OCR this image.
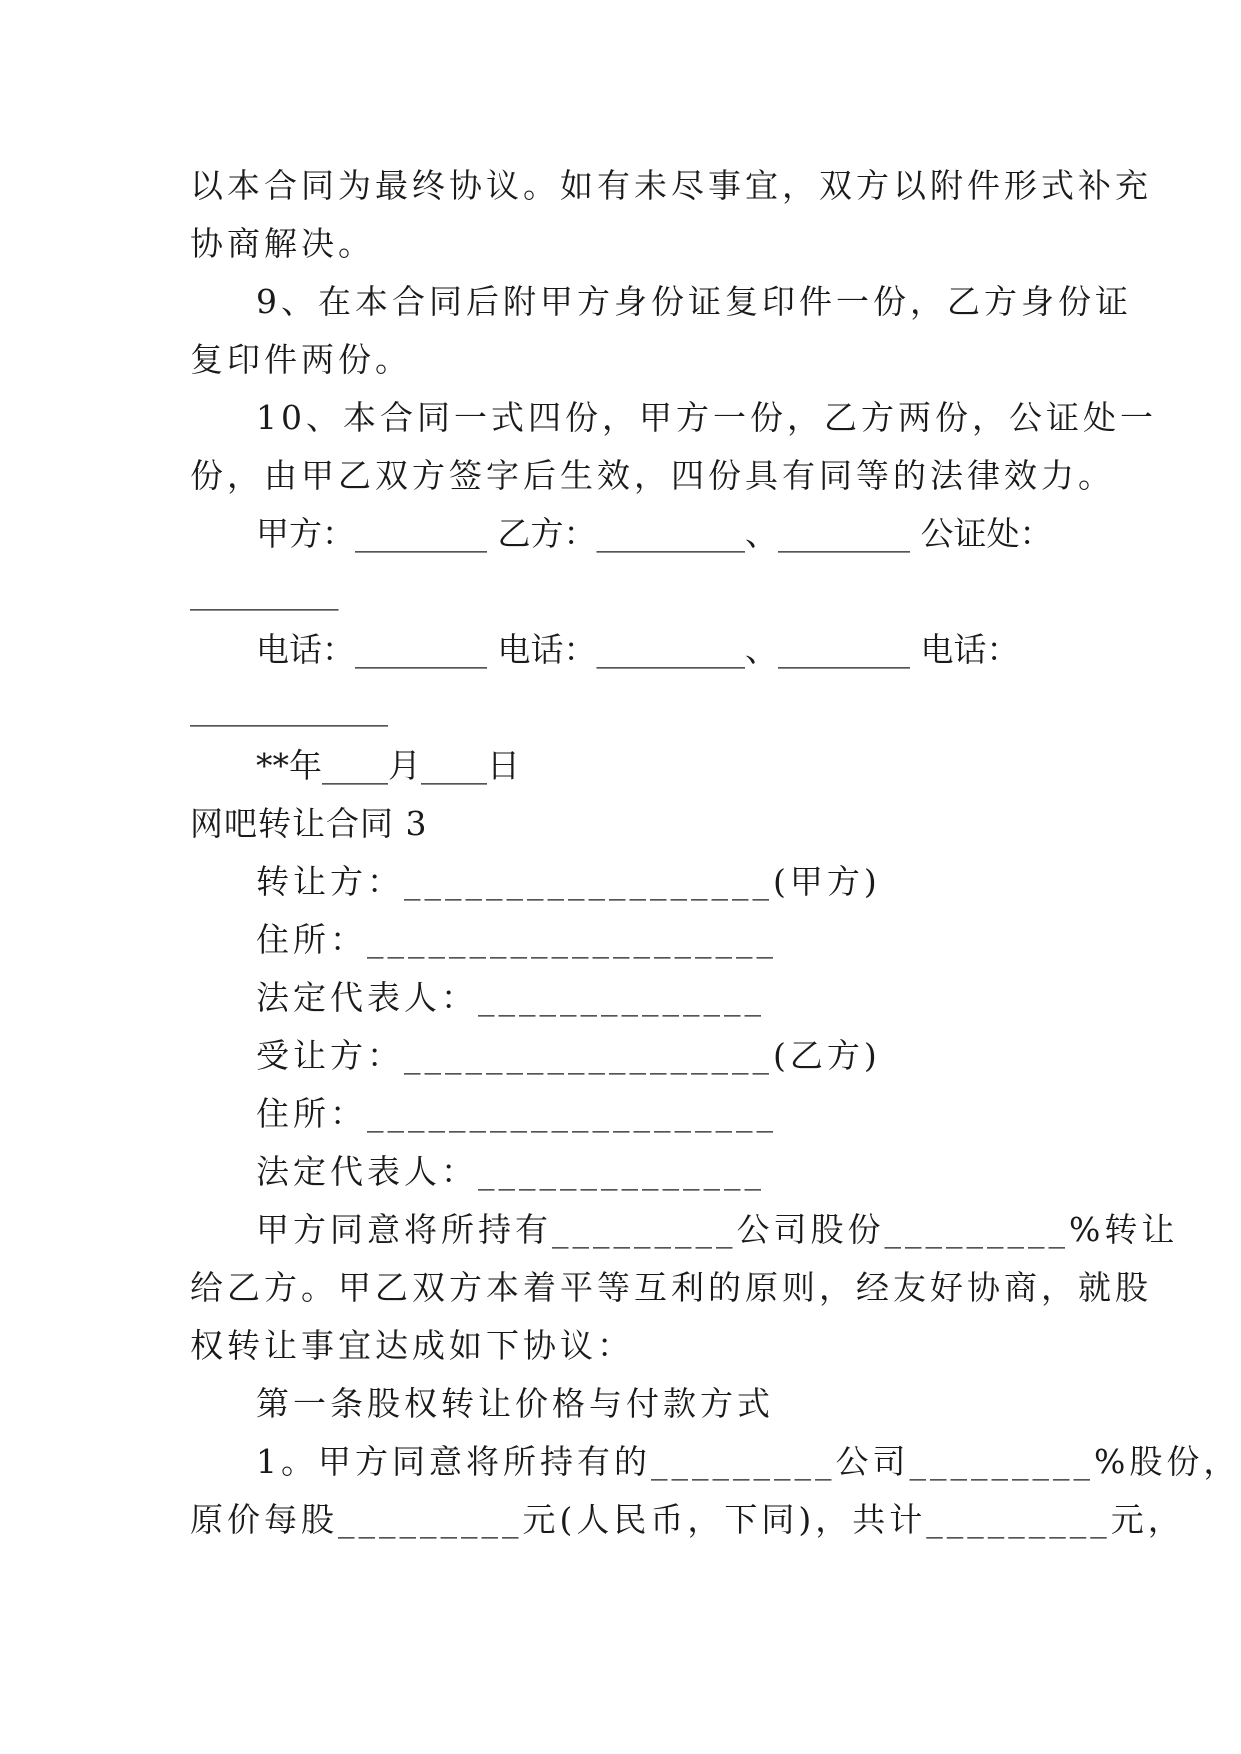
以本合同为最终协议。如有未尽事宜，双方以附件形式补充
协商解决。
9、在本合同后附甲方身份证复印件一份，乙方身份证
复印件两份。
10、本合同一式四份，甲方一份，乙方两份，公证处一
份，由甲乙双方签字后生效，四份具有同等的法律效力。
甲方：________ 乙方：_________、________ 公证处：
_________
电话：________ 电话：_________、________ 电话：
____________
**年____月____日
网吧转让合同 3
转让方：__________________(甲方)
住所：____________________
法定代表人：______________
受让方：__________________(乙方)
住所：____________________
法定代表人：______________
甲方同意将所持有_________公司股份_________%转让
给乙方。甲乙双方本着平等互利的原则，经友好协商，就股
权转让事宜达成如下协议：
第一条股权转让价格与付款方式
1。甲方同意将所持有的_________公司_________%股份，
原价每股_________元(人民币，下同)，共计_________元，
